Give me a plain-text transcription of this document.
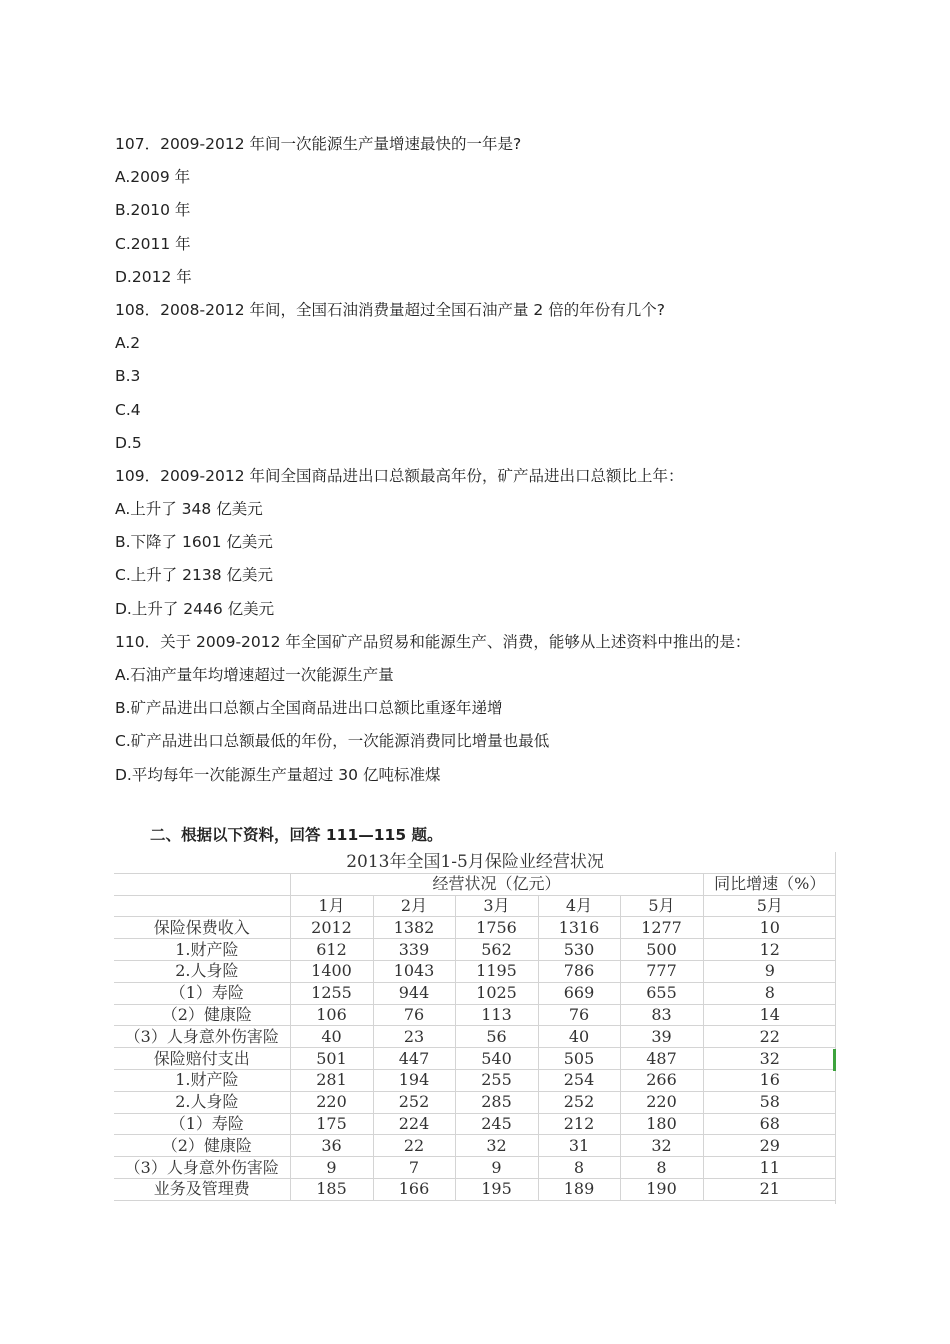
107．2009-2012 年间一次能源生产量增速最快的一年是?
A.2009 年
B.2010 年
C.2011 年
D.2012 年
108．2008-2012 年间，全国石油消费量超过全国石油产量 2 倍的年份有几个?
A.2
B.3
C.4
D.5
109．2009-2012 年间全国商品进出口总额最高年份，矿产品进出口总额比上年：
A.上升了 348 亿美元
B.下降了 1601 亿美元
C.上升了 2138 亿美元
D.上升了 2446 亿美元
110．关于 2009-2012 年全国矿产品贸易和能源生产、消费，能够从上述资料中推出的是：
A.石油产量年均增速超过一次能源生产量
B.矿产品进出口总额占全国商品进出口总额比重逐年递增
C.矿产品进出口总额最低的年份，一次能源消费同比增量也最低
D.平均每年一次能源生产量超过 30 亿吨标准煤
二、根据以下资料，回答 111—115 题。
2013年全国1-5月保险业经营状况						
	经营状况（亿元）					同比增速（%）
	1月	2月	3月	4月	5月	5月
保险保费收入	2012	1382	1756	1316	1277	10
1.财产险	612	339	562	530	500	12
2.人身险	1400	1043	1195	786	777	9
（1）寿险	1255	944	1025	669	655	8
（2）健康险	106	76	113	76	83	14
（3）人身意外伤害险	40	23	56	40	39	22
保险赔付支出	501	447	540	505	487	32
1.财产险	281	194	255	254	266	16
2.人身险	220	252	285	252	220	58
（1）寿险	175	224	245	212	180	68
（2）健康险	36	22	32	31	32	29
（3）人身意外伤害险	9	7	9	8	8	11
业务及管理费	185	166	195	189	190	21
